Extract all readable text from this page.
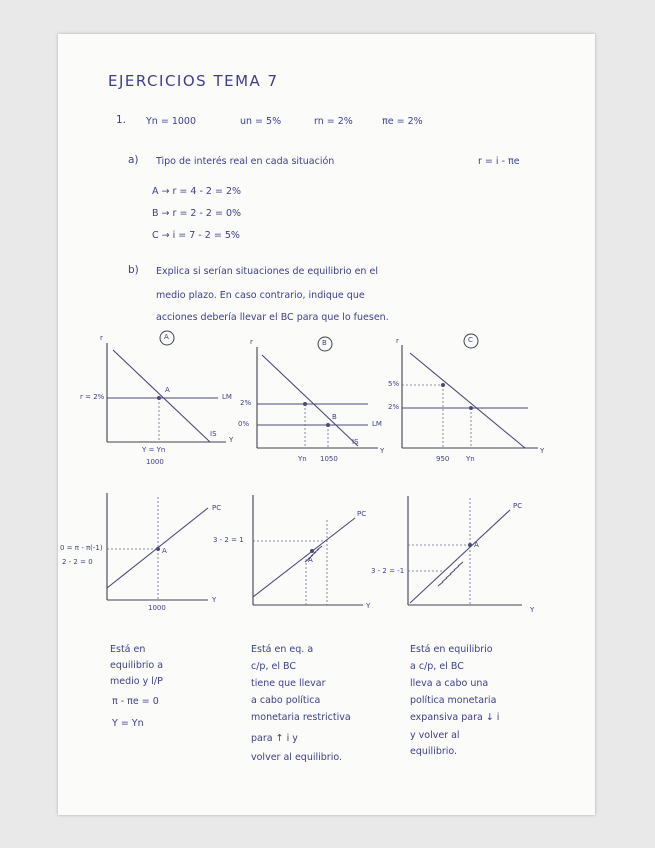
EJERCICIOS TEMA 7
1. Yn = 1000	un = 5%	rn = 2%	πe = 2%
a) Tipo de interés real en cada situación	r = i - πe
A → r = 4 - 2 = 2%
B → r = 2 - 2 = 0%
C → i = 7 - 2 = 5%
b) Explica si serían situaciones de equilibrio en el
medio plazo. En caso contrario, indique que
acciones debería llevar el BC para que lo fuesen.
A
B	C
r
r = 2%
A
LM
IS
Y
Y = Yn
1000
r
2%
0%
B
LM
IS
Y
Yn 1050
r
5%
2%
Y
950 Yn
PC
0 = π - π(-1)
2 - 2 = 0
A
Y
1000
PC
3 - 2 = 1
A
Y
PC
3 - 2 = -1
A
Y
Está en
equilibrio a
medio y l/P
π - πe = 0
Y = Yn
Está en eq. a
c/p, el BC
tiene que llevar
a cabo política
monetaria restrictiva
para ↑ i y
volver al equilibrio.
Está en equilibrio
a c/p, el BC
lleva a cabo una
política monetaria
expansiva para ↓ i
y volver al
equilibrio.
